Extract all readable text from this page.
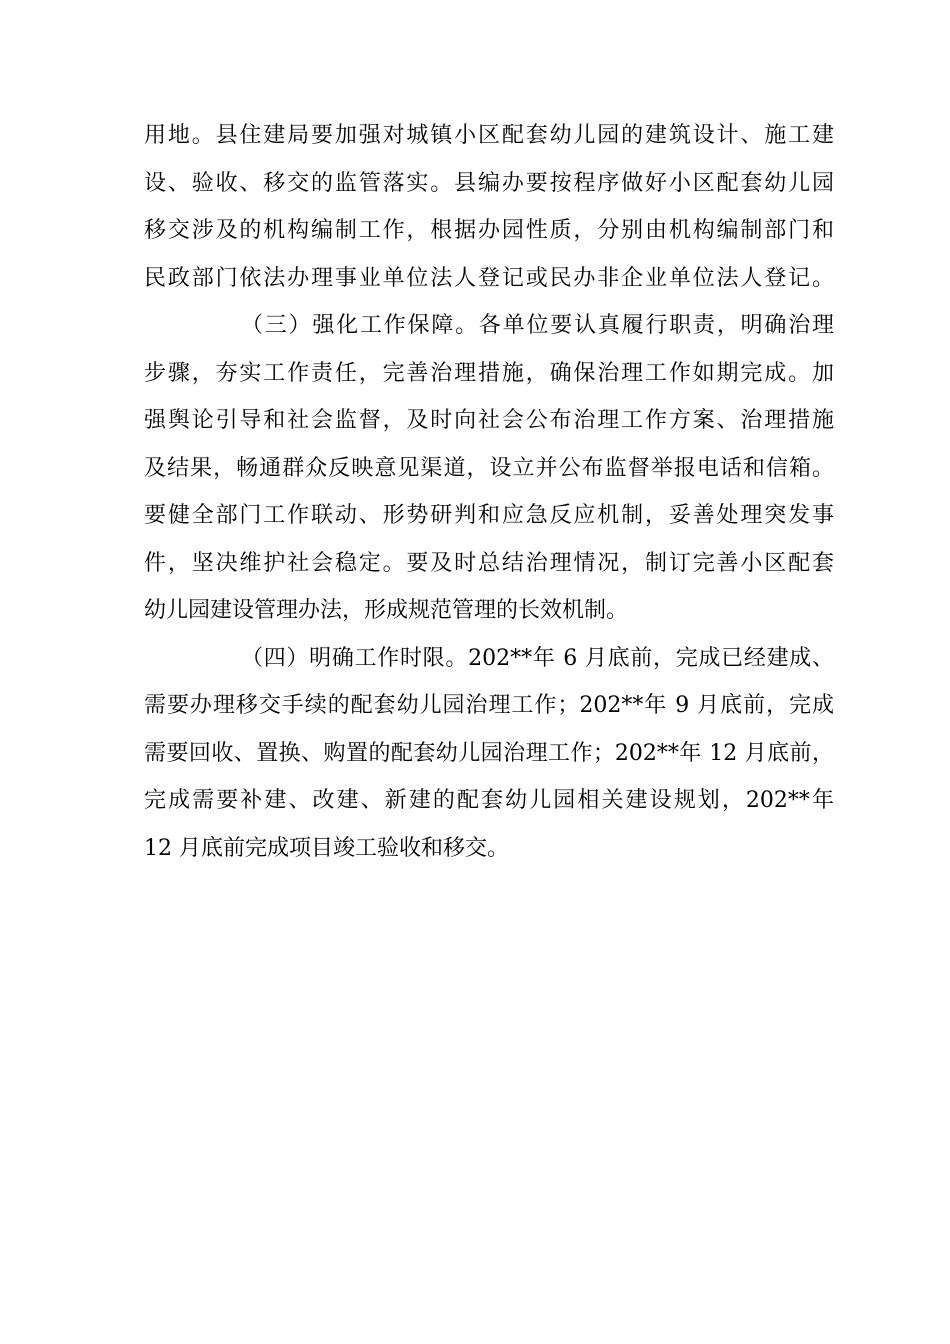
用地。县住建局要加强对城镇小区配套幼儿园的建筑设计、施工建
设、验收、移交的监管落实。县编办要按程序做好小区配套幼儿园
移交涉及的机构编制工作，根据办园性质，分别由机构编制部门和
民政部门依法办理事业单位法人登记或民办非企业单位法人登记。
（三）强化工作保障。各单位要认真履行职责，明确治理
步骤，夯实工作责任，完善治理措施，确保治理工作如期完成。加
强舆论引导和社会监督，及时向社会公布治理工作方案、治理措施
及结果，畅通群众反映意见渠道，设立并公布监督举报电话和信箱。
要健全部门工作联动、形势研判和应急反应机制，妥善处理突发事
件，坚决维护社会稳定。要及时总结治理情况，制订完善小区配套
幼儿园建设管理办法，形成规范管理的长效机制。
（四）明确工作时限。202**年 6 月底前，完成已经建成、
需要办理移交手续的配套幼儿园治理工作；202**年 9 月底前，完成
需要回收、置换、购置的配套幼儿园治理工作；202**年 12 月底前，
完成需要补建、改建、新建的配套幼儿园相关建设规划，202**年
12 月底前完成项目竣工验收和移交。
